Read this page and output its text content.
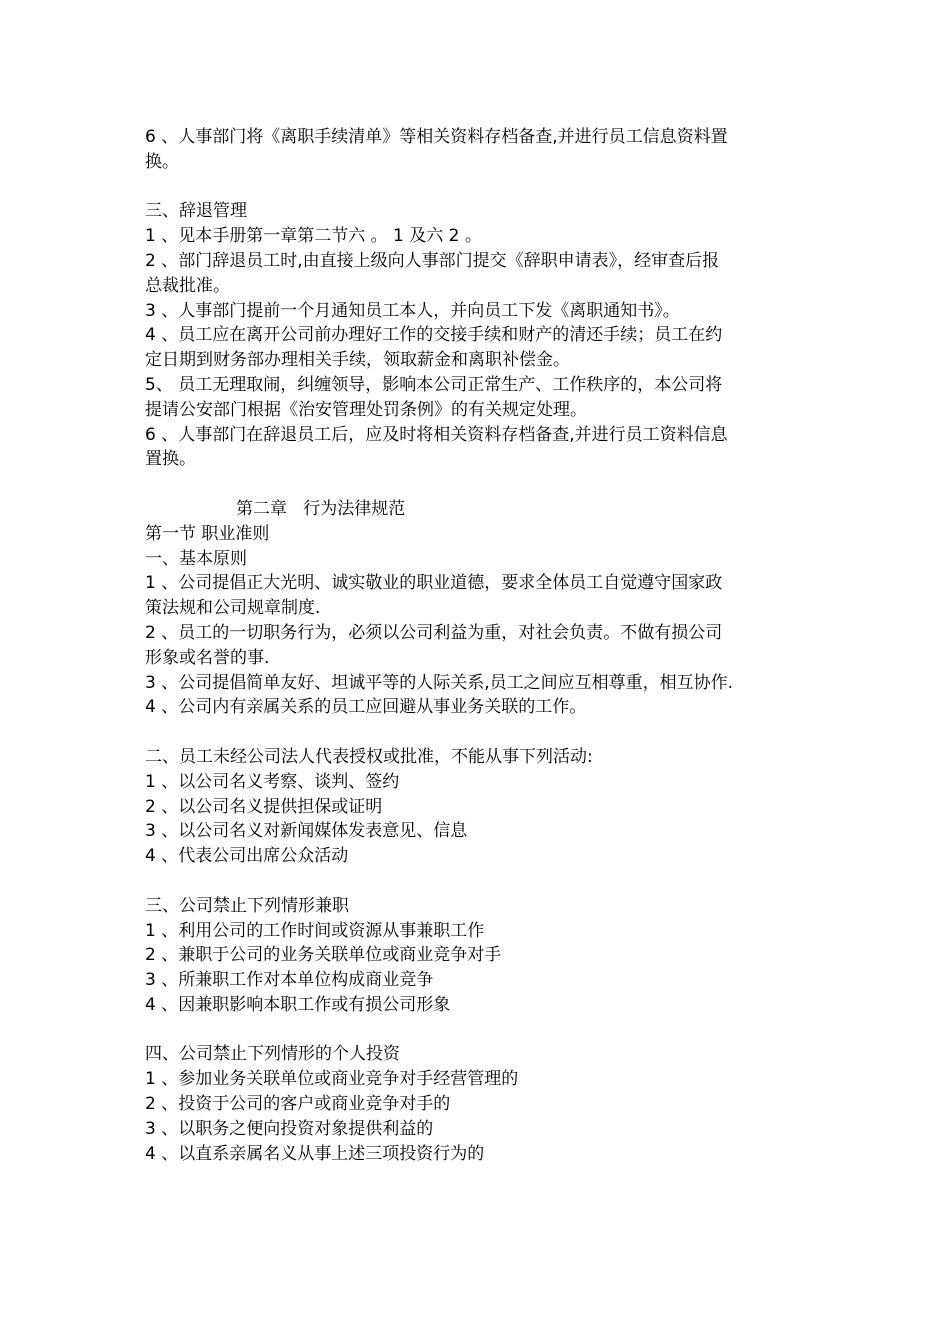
6 、人事部门将《离职手续清单》等相关资料存档备查,并进行员工信息资料置
换。
三、辞退管理
1 、见本手册第一章第二节六 。 1 及六 2 。
2 、部门辞退员工时,由直接上级向人事部门提交《辞职申请表》，经审查后报
总裁批准。
3 、人事部门提前一个月通知员工本人，并向员工下发《离职通知书》。
4 、员工应在离开公司前办理好工作的交接手续和财产的清还手续；员工在约
定日期到财务部办理相关手续，领取薪金和离职补偿金。
5、 员工无理取闹，纠缠领导，影响本公司正常生产、工作秩序的，本公司将
提请公安部门根据《治安管理处罚条例》的有关规定处理。
6 、人事部门在辞退员工后，应及时将相关资料存档备查,并进行员工资料信息
置换。
第二章   行为法律规范
第一节 职业准则
一、基本原则
1 、公司提倡正大光明、诚实敬业的职业道德，要求全体员工自觉遵守国家政
策法规和公司规章制度.
2 、员工的一切职务行为，必须以公司利益为重，对社会负责。不做有损公司
形象或名誉的事.
3 、公司提倡简单友好、坦诚平等的人际关系,员工之间应互相尊重，相互协作.
4 、公司内有亲属关系的员工应回避从事业务关联的工作。
二、员工未经公司法人代表授权或批准，不能从事下列活动:
1 、以公司名义考察、谈判、签约
2 、以公司名义提供担保或证明
3 、以公司名义对新闻媒体发表意见、信息
4 、代表公司出席公众活动
三、公司禁止下列情形兼职
1 、利用公司的工作时间或资源从事兼职工作
2 、兼职于公司的业务关联单位或商业竞争对手
3 、所兼职工作对本单位构成商业竞争
4 、因兼职影响本职工作或有损公司形象
四、公司禁止下列情形的个人投资
1 、参加业务关联单位或商业竞争对手经营管理的
2 、投资于公司的客户或商业竞争对手的
3 、以职务之便向投资对象提供利益的
4 、以直系亲属名义从事上述三项投资行为的
